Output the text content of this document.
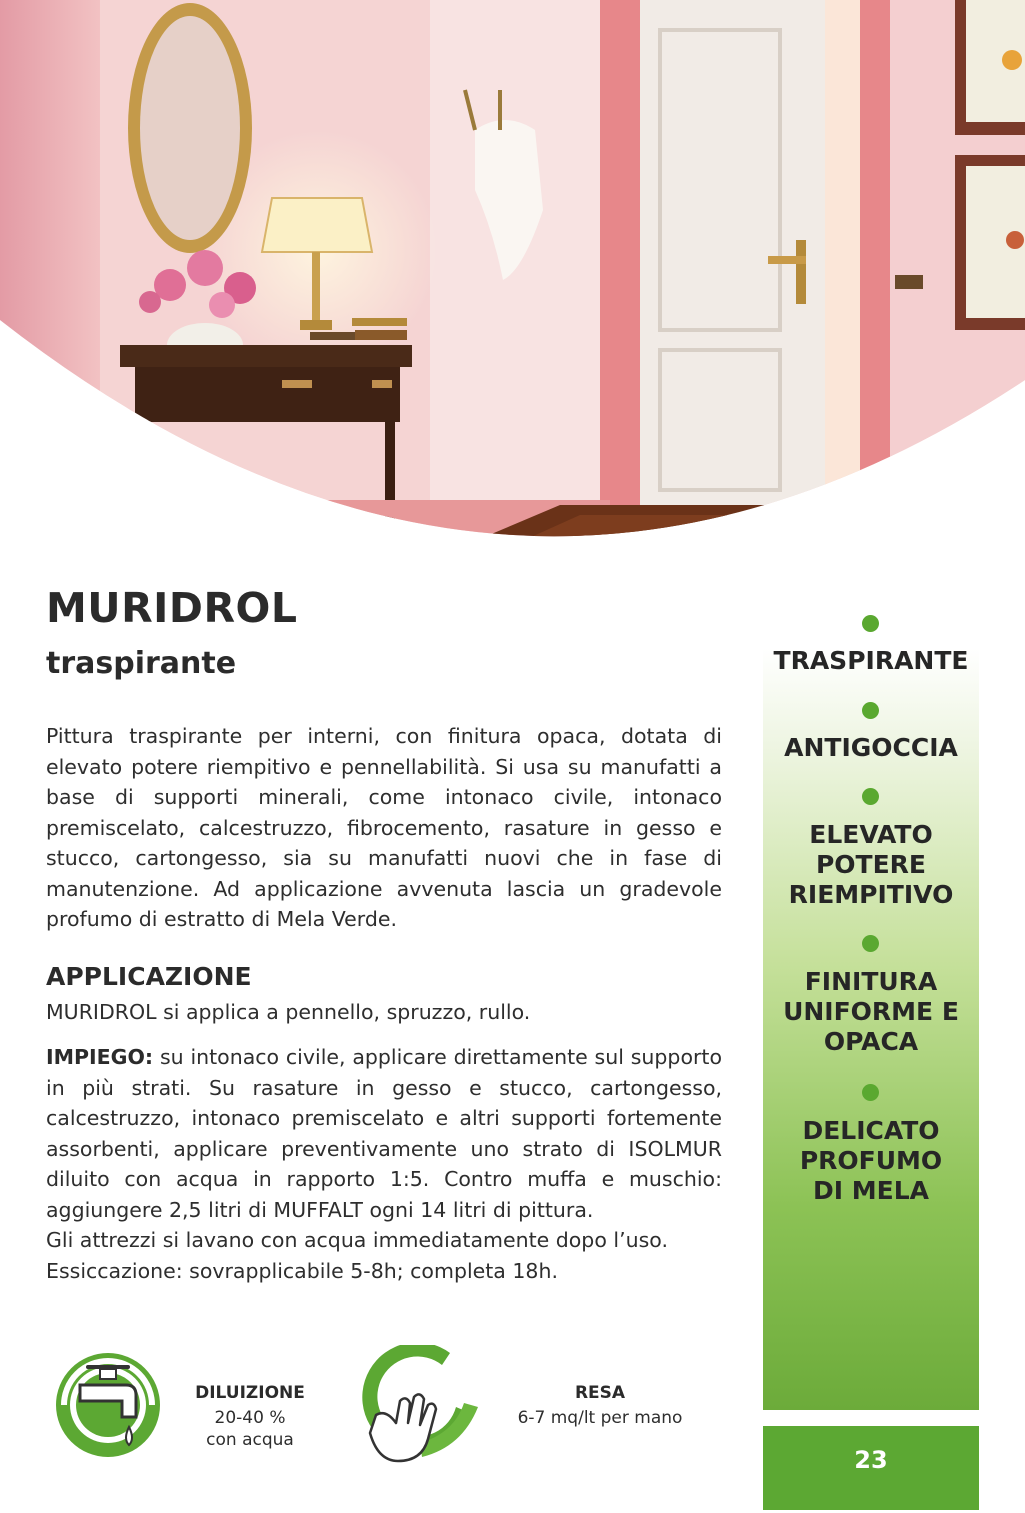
MURIDROL
traspirante

Pittura traspirante per interni, con finitura opaca, dotata di elevato potere riempitivo e pennellabilità. Si usa su manufatti a base di supporti minerali, come intonaco civile, intonaco premiscelato, calcestruzzo, fibrocemento, rasature in gesso e stucco, cartongesso, sia su manufatti nuovi che in fase di manutenzione. Ad applicazione avvenuta lascia un gradevole profumo di estratto di Mela Verde.

APPLICAZIONE

MURIDROL si applica a pennello, spruzzo, rullo.

IMPIEGO: su intonaco civile, applicare direttamente sul supporto in più strati. Su rasature in gesso e stucco, cartongesso, calcestruzzo, intonaco premiscelato e altri supporti fortemente assorbenti, applicare preventivamente uno strato di ISOLMUR diluito con acqua in rapporto 1:5. Contro muffa e muschio: aggiungere 2,5 litri di MUFFALT ogni 14 litri di pittura.
Gli attrezzi si lavano con acqua immediatamente dopo l’uso.
Essiccazione: sovrapplicabile 5-8h; completa 18h.

TRASPIRANTE
ANTIGOCCIA
ELEVATO
POTERE
RIEMPITIVO
FINITURA
UNIFORME E
OPACA
DELICATO
PROFUMO
DI MELA
23
DILUIZIONE
20-40 %
con acqua
RESA
6-7 mq/lt per mano
